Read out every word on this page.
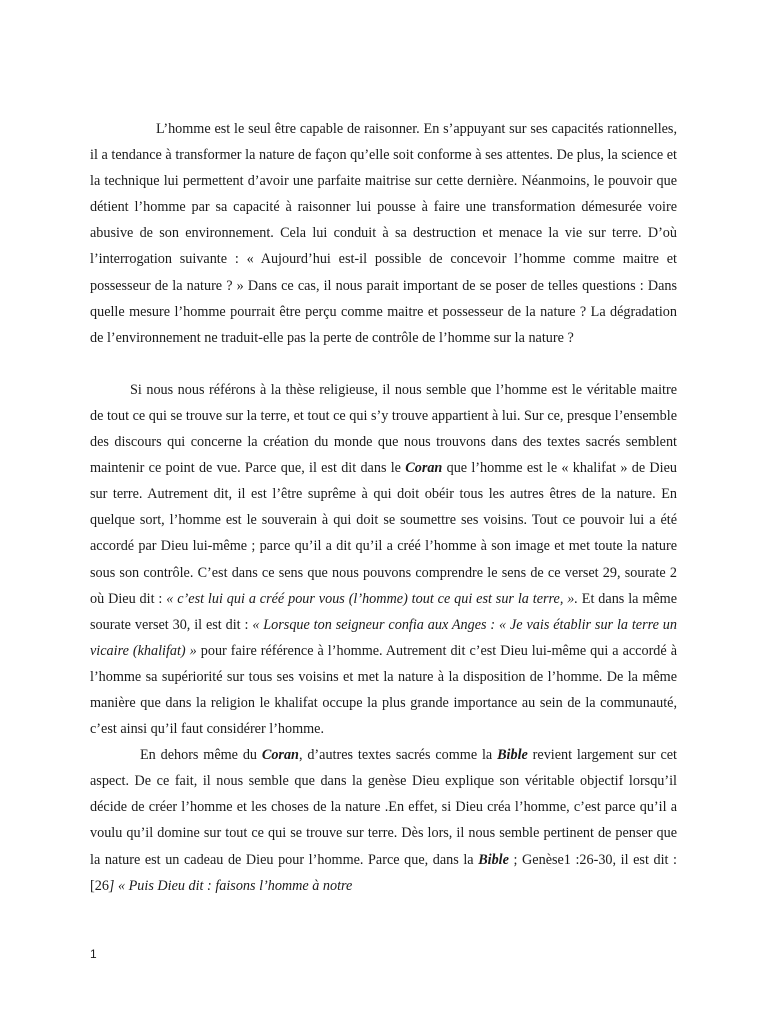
L’homme est le seul être capable de raisonner. En s’appuyant sur ses capacités rationnelles, il a tendance à transformer la nature de façon qu’elle soit conforme à ses attentes. De plus, la science et la technique lui permettent d’avoir une parfaite maitrise sur cette dernière. Néanmoins, le pouvoir que détient l’homme par sa capacité à raisonner lui pousse à faire une transformation démesurée voire abusive de son environnement. Cela lui conduit à sa destruction et menace la vie sur terre. D’où l’interrogation suivante : « Aujourd’hui est-il possible de concevoir l’homme comme maitre et possesseur de la nature ? » Dans ce cas, il nous parait important de se poser de telles questions : Dans quelle mesure l’homme pourrait être perçu comme maitre et possesseur de la nature ? La dégradation de l’environnement ne traduit-elle pas la perte de contrôle de l’homme sur la nature ?

Si nous nous référons à la thèse religieuse, il nous semble que l’homme est le véritable maitre de tout ce qui se trouve sur la terre, et tout ce qui s’y trouve appartient à lui. Sur ce, presque l’ensemble des discours qui concerne la création du monde que nous trouvons dans des textes sacrés semblent maintenir ce point de vue. Parce que, il est dit dans le Coran que l’homme est le « khalifat » de Dieu sur terre. Autrement dit, il est l’être suprême à qui doit obéir tous les autres êtres de la nature. En quelque sort, l’homme est le souverain à qui doit se soumettre ses voisins. Tout ce pouvoir lui a été accordé par Dieu lui-même ; parce qu’il a dit qu’il a créé l’homme à son image et met toute la nature sous son contrôle. C’est dans ce sens que nous pouvons comprendre le sens de ce verset 29, sourate 2 où Dieu dit : « c’est lui qui a créé pour vous (l’homme) tout ce qui est sur la terre, ». Et dans la même sourate verset 30, il est dit : « Lorsque ton seigneur confia aux Anges : « Je vais établir sur la terre un vicaire (khalifat) » pour faire référence à l’homme. Autrement dit c’est Dieu lui-même qui a accordé à l’homme sa supériorité sur tous ses voisins et met la nature à la disposition de l’homme. De la même manière que dans la religion le khalifat occupe la plus grande importance au sein de la communauté, c’est ainsi qu’il faut considérer l’homme.

En dehors même du Coran, d’autres textes sacrés comme la Bible revient largement sur cet aspect. De ce fait, il nous semble que dans la genèse Dieu explique son véritable objectif lorsqu’il décide de créer l’homme et les choses de la nature .En effet, si Dieu créa l’homme, c’est parce qu’il a voulu qu’il domine sur tout ce qui se trouve sur terre. Dès lors, il nous semble pertinent de penser que la nature est un cadeau de Dieu pour l’homme. Parce que, dans la Bible ; Genèse1 :26-30, il est dit : [26] « Puis Dieu dit : faisons l’homme à notre

1
